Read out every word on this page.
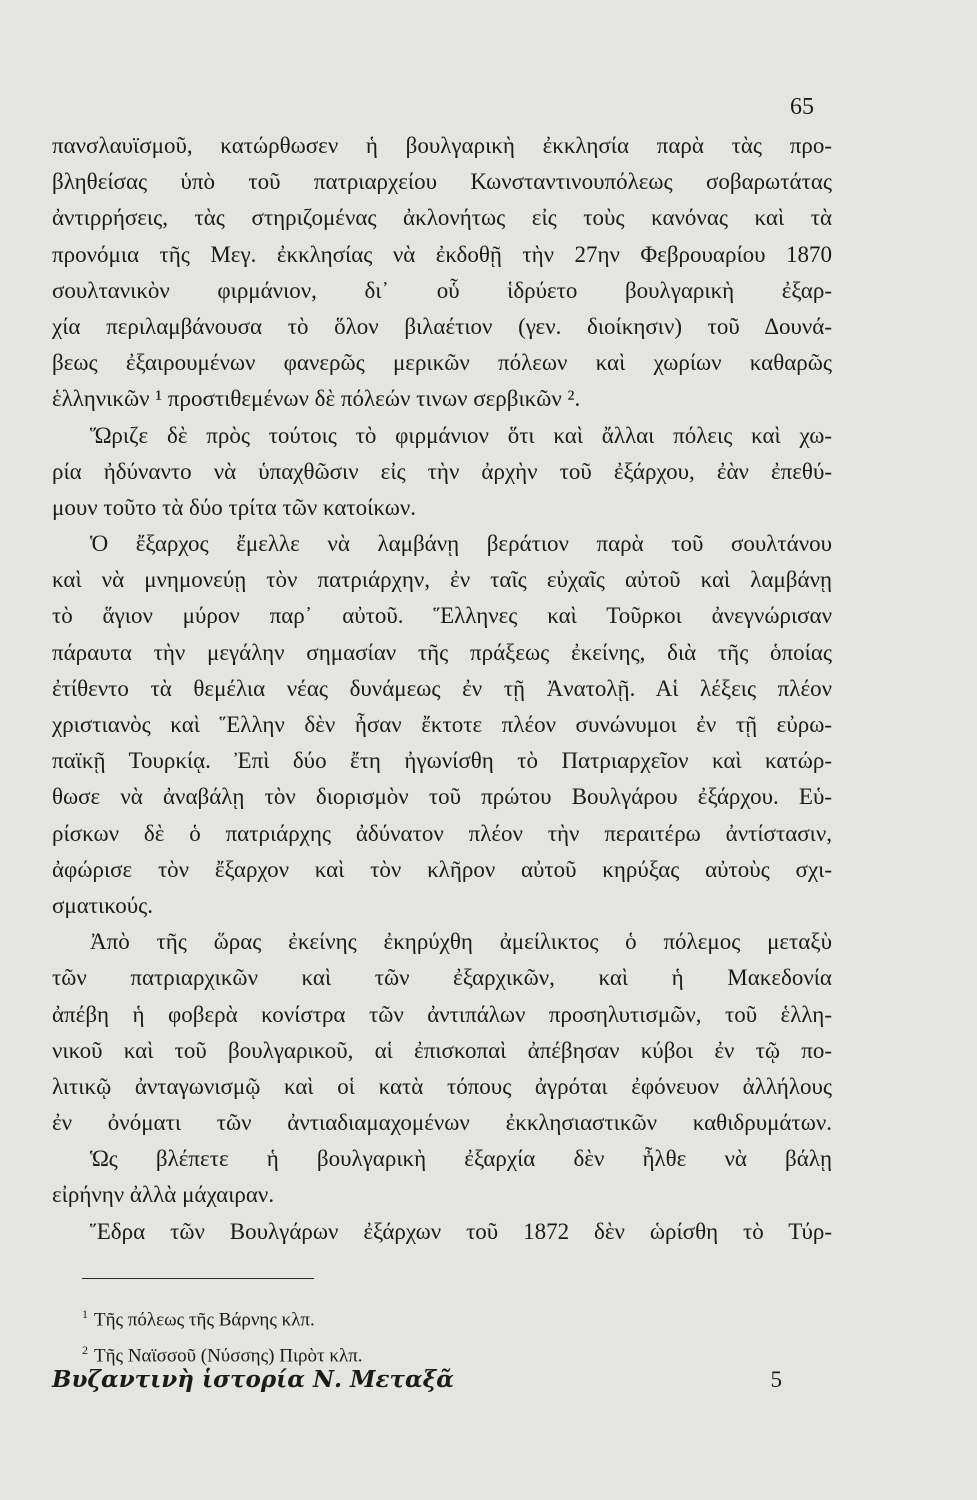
65
πανσλαυϊσμοῦ, κατώρθωσεν ἡ βουλγαρικὴ ἐκκλησία παρὰ τὰς προ-
βληθείσας ὑπὸ τοῦ πατριαρχείου Κωνσταντινουπόλεως σοβαρωτάτας
ἀντιρρήσεις, τὰς στηριζομένας ἀκλονήτως εἰς τοὺς κανόνας καὶ τὰ
προνόμια τῆς Μεγ. ἐκκλησίας νὰ ἐκδοθῇ τὴν 27ην Φεβρουαρίου 1870
σουλτανικὸν φιρμάνιον, δι᾿ οὗ ἱδρύετο βουλγαρικὴ ἐξαρ-
χία περιλαμβάνουσα τὸ ὅλον βιλαέτιον (γεν. διοίκησιν) τοῦ Δουνά-
βεως ἐξαιρουμένων φανερῶς μερικῶν πόλεων καὶ χωρίων καθαρῶς
ἑλληνικῶν ¹ προστιθεμένων δὲ πόλεών τινων σερβικῶν ².
Ὥριζε δὲ πρὸς τούτοις τὸ φιρμάνιον ὅτι καὶ ἄλλαι πόλεις καὶ χω-
ρία ἠδύναντο νὰ ὑπαχθῶσιν εἰς τὴν ἀρχὴν τοῦ ἐξάρχου, ἐὰν ἐπεθύ-
μουν τοῦτο τὰ δύο τρίτα τῶν κατοίκων.
Ὁ ἔξαρχος ἔμελλε νὰ λαμβάνῃ βεράτιον παρὰ τοῦ σουλτάνου
καὶ νὰ μνημονεύῃ τὸν πατριάρχην, ἐν ταῖς εὐχαῖς αὐτοῦ καὶ λαμβάνῃ
τὸ ἅγιον μύρον παρ᾿ αὐτοῦ. Ἕλληνες καὶ Τοῦρκοι ἀνεγνώρισαν
πάραυτα τὴν μεγάλην σημασίαν τῆς πράξεως ἐκείνης, διὰ τῆς ὁποίας
ἐτίθεντο τὰ θεμέλια νέας δυνάμεως ἐν τῇ Ἀνατολῇ. Αἱ λέξεις πλέον
χριστιανὸς καὶ Ἕλλην δὲν ἦσαν ἔκτοτε πλέον συνώνυμοι ἐν τῇ εὐρω-
παϊκῇ Τουρκίᾳ. Ἐπὶ δύο ἔτη ἠγωνίσθη τὸ Πατριαρχεῖον καὶ κατώρ-
θωσε νὰ ἀναβάλῃ τὸν διορισμὸν τοῦ πρώτου Βουλγάρου ἐξάρχου. Εὑ-
ρίσκων δὲ ὁ πατριάρχης ἀδύνατον πλέον τὴν περαιτέρω ἀντίστασιν,
ἀφώρισε τὸν ἔξαρχον καὶ τὸν κλῆρον αὐτοῦ κηρύξας αὐτοὺς σχι-
σματικούς.
Ἀπὸ τῆς ὥρας ἐκείνης ἐκηρύχθη ἀμείλικτος ὁ πόλεμος μεταξὺ
τῶν πατριαρχικῶν καὶ τῶν ἐξαρχικῶν, καὶ ἡ Μακεδονία
ἀπέβη ἡ φοβερὰ κονίστρα τῶν ἀντιπάλων προσηλυτισμῶν, τοῦ ἑλλη-
νικοῦ καὶ τοῦ βουλγαρικοῦ, αἱ ἐπισκοπαὶ ἀπέβησαν κύβοι ἐν τῷ πο-
λιτικῷ ἀνταγωνισμῷ καὶ οἱ κατὰ τόπους ἀγρόται ἐφόνευον ἀλλήλους
ἐν ὀνόματι τῶν ἀντιαδιαμαχομένων ἐκκλησιαστικῶν καθιδρυμάτων.
Ὡς βλέπετε ἡ βουλγαρικὴ ἐξαρχία δὲν ἦλθε νὰ βάλῃ
εἰρήνην ἀλλὰ μάχαιραν.
Ἕδρα τῶν Βουλγάρων ἐξάρχων τοῦ 1872 δὲν ὡρίσθη τὸ Τύρ-
$^1$ Τῆς πόλεως τῆς Βάρνης κλπ.
$^2$ Τῆς Ναϊσσοῦ (Νύσσης) Πιρὸτ κλπ.
Βυζαντινὴ ἱστορία Ν. Μεταξᾶ	5
